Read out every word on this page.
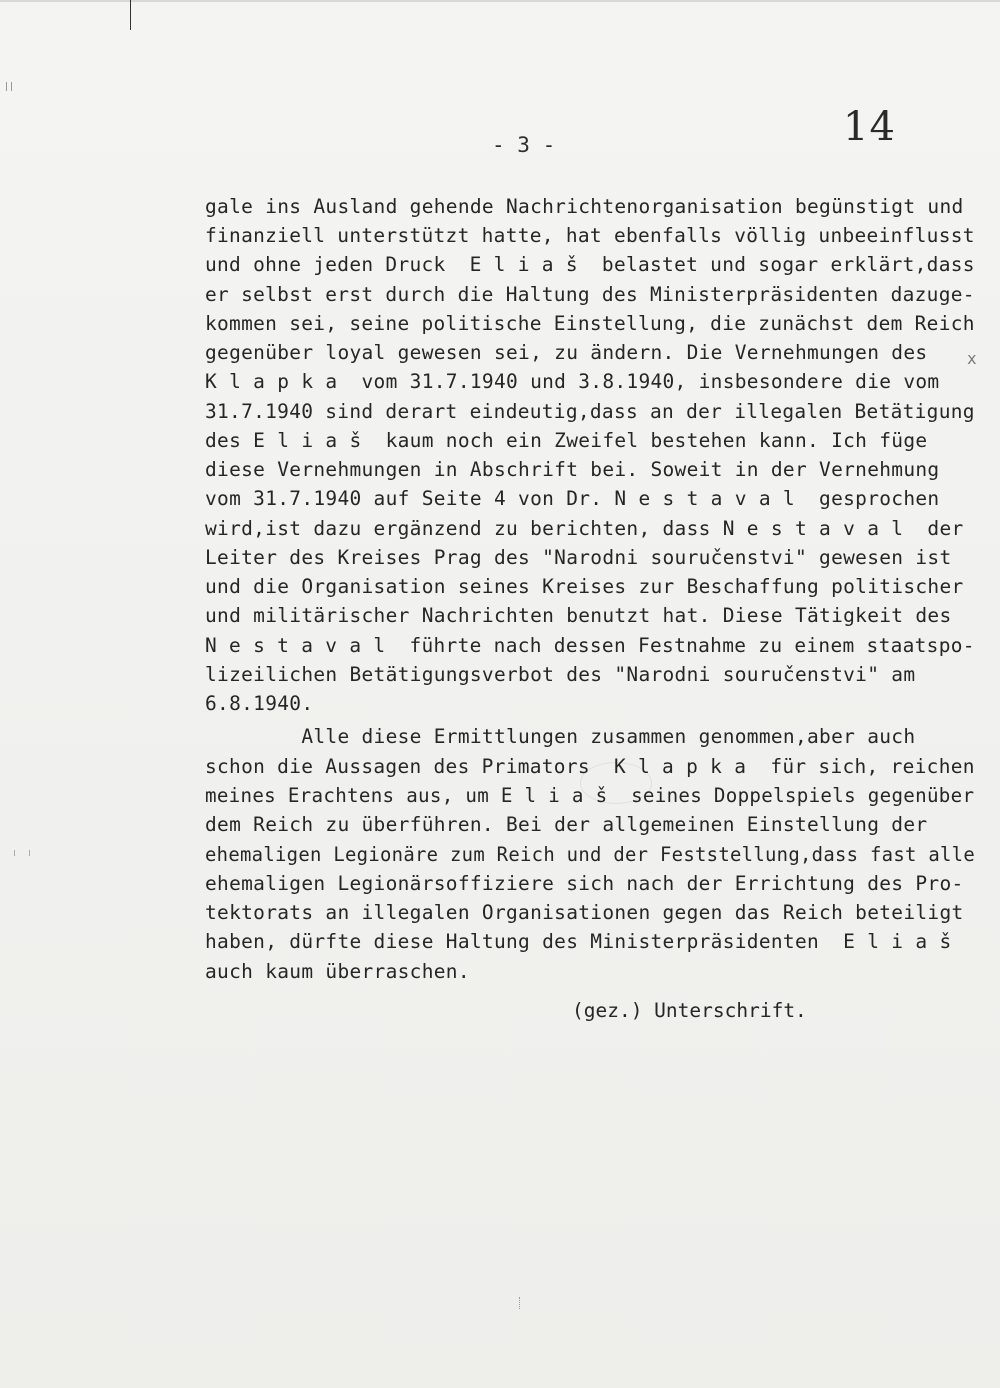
14
- 3 -
x
gale ins Ausland gehende Nachrichtenorganisation begünstigt und
finanziell unterstützt hatte, hat ebenfalls völlig unbeeinflusst
und ohne jeden Druck  E l i a š  belastet und sogar erklärt,dass
er selbst erst durch die Haltung des Ministerpräsidenten dazuge-
kommen sei, seine politische Einstellung, die zunächst dem Reich
gegenüber loyal gewesen sei, zu ändern. Die Vernehmungen des
K l a p k a  vom 31.7.1940 und 3.8.1940, insbesondere die vom
31.7.1940 sind derart eindeutig,dass an der illegalen Betätigung
des E l i a š  kaum noch ein Zweifel bestehen kann. Ich füge
diese Vernehmungen in Abschrift bei. Soweit in der Vernehmung
vom 31.7.1940 auf Seite 4 von Dr. N e s t a v a l  gesprochen
wird,ist dazu ergänzend zu berichten, dass N e s t a v a l  der
Leiter des Kreises Prag des "Narodni souručenstvi" gewesen ist
und die Organisation seines Kreises zur Beschaffung politischer
und militärischer Nachrichten benutzt hat. Diese Tätigkeit des
N e s t a v a l  führte nach dessen Festnahme zu einem staatspo-
lizeilichen Betätigungsverbot des "Narodni souručenstvi" am
6.8.1940.
Alle diese Ermittlungen zusammen genommen,aber auch
schon die Aussagen des Primators  K l a p k a  für sich, reichen
meines Erachtens aus, um E l i a š  seines Doppelspiels gegenüber
dem Reich zu überführen. Bei der allgemeinen Einstellung der
ehemaligen Legionäre zum Reich und der Feststellung,dass fast alle
ehemaligen Legionärsoffiziere sich nach der Errichtung des Pro-
tektorats an illegalen Organisationen gegen das Reich beteiligt
haben, dürfte diese Haltung des Ministerpräsidenten  E l i a š
auch kaum überraschen.
(gez.) Unterschrift.
